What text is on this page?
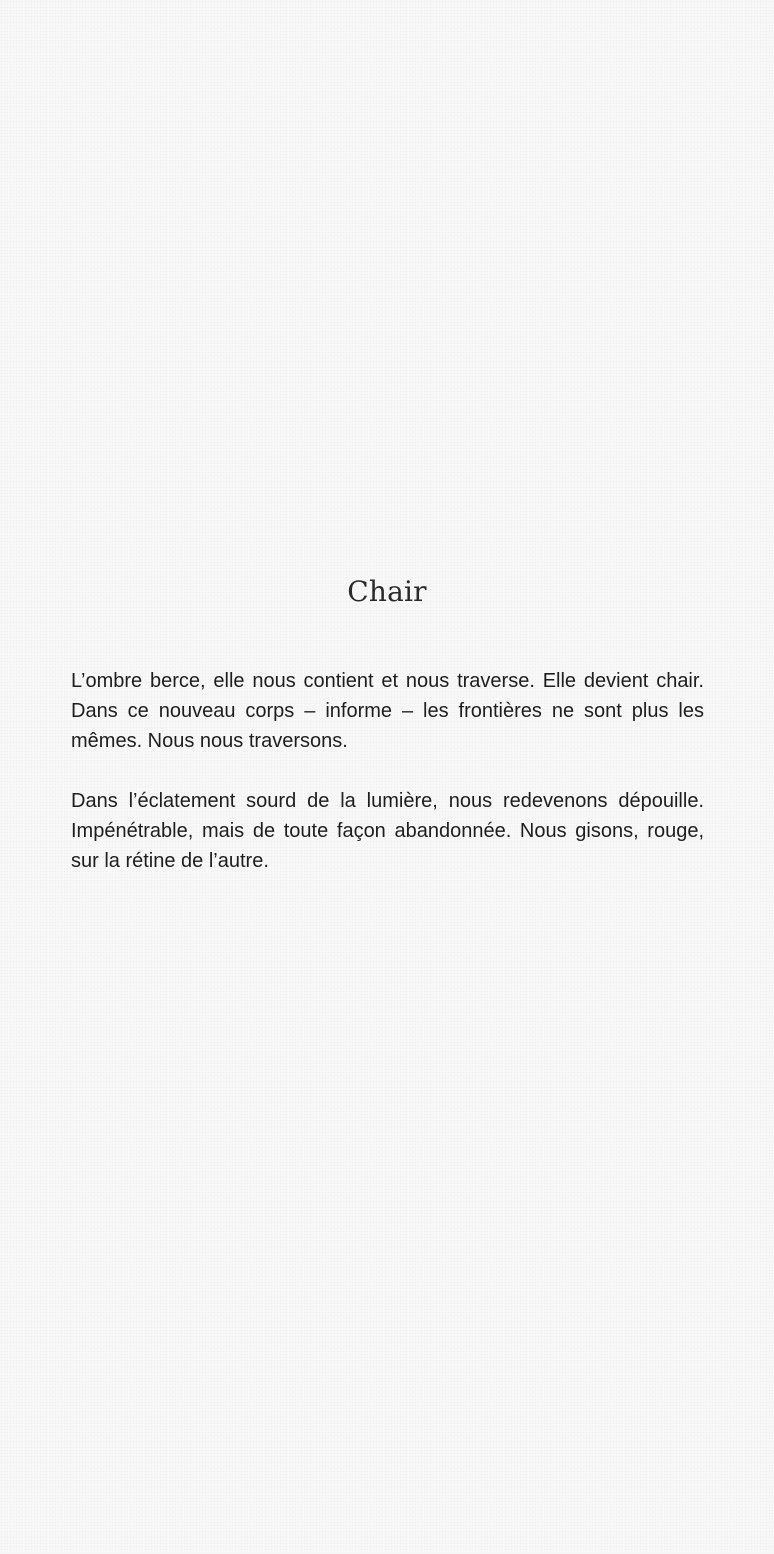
Chair

L’ombre berce, elle nous contient et nous traverse. Elle devient chair. Dans ce nouveau corps – informe – les frontières ne sont plus les mêmes. Nous nous traversons.

Dans l’éclatement sourd de la lumière, nous redevenons dépouille. Impénétrable, mais de toute façon abandonnée. Nous gisons, rouge, sur la rétine de l’autre.
